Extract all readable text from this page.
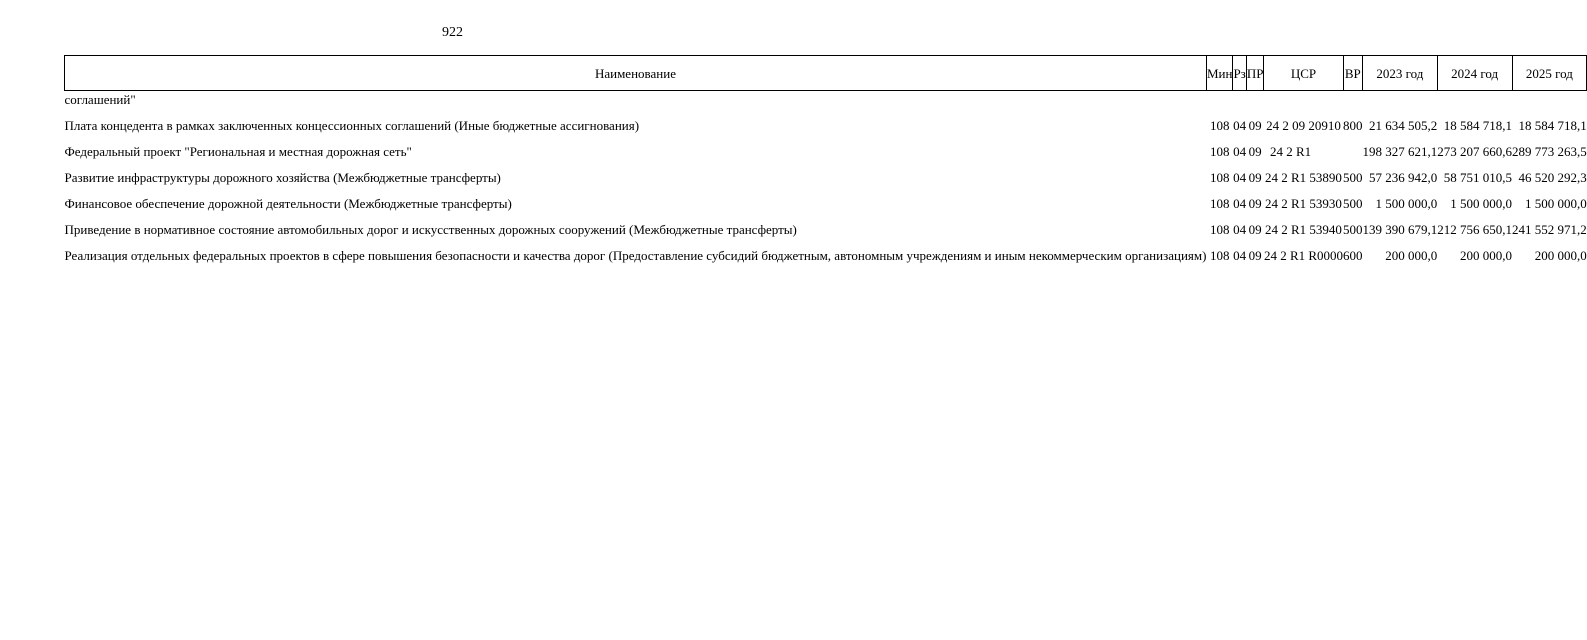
922
Наименование	Мин	Рз	ПР	ЦСР	ВР	2023 год	2024 год	2025 год
соглашений"								

Плата концедента в рамках заключенных концессионных соглашений (Иные бюджетные ассигнования)	108	04	09	24 2 09 20910	800	21 634 505,2	18 584 718,1	18 584 718,1

Федеральный проект "Региональная и местная дорожная сеть"	108	04	09	24 2 R1		198 327 621,1	273 207 660,6	289 773 263,5

Развитие инфраструктуры дорожного хозяйства (Межбюджетные трансферты)	108	04	09	24 2 R1 53890	500	57 236 942,0	58 751 010,5	46 520 292,3

Финансовое обеспечение дорожной деятельности (Межбюджетные трансферты)	108	04	09	24 2 R1 53930	500	1 500 000,0	1 500 000,0	1 500 000,0

Приведение в нормативное состояние автомобильных дорог и искусственных дорожных сооружений (Межбюджетные трансферты)	108	04	09	24 2 R1 53940	500	139 390 679,1	212 756 650,1	241 552 971,2

Реализация отдельных федеральных проектов в сфере повышения безопасности и качества дорог (Предоставление субсидий бюджетным, автономным учреждениям и иным некоммерческим организациям)	108	04	09	24 2 R1 R0000	600	200 000,0	200 000,0	200 000,0
